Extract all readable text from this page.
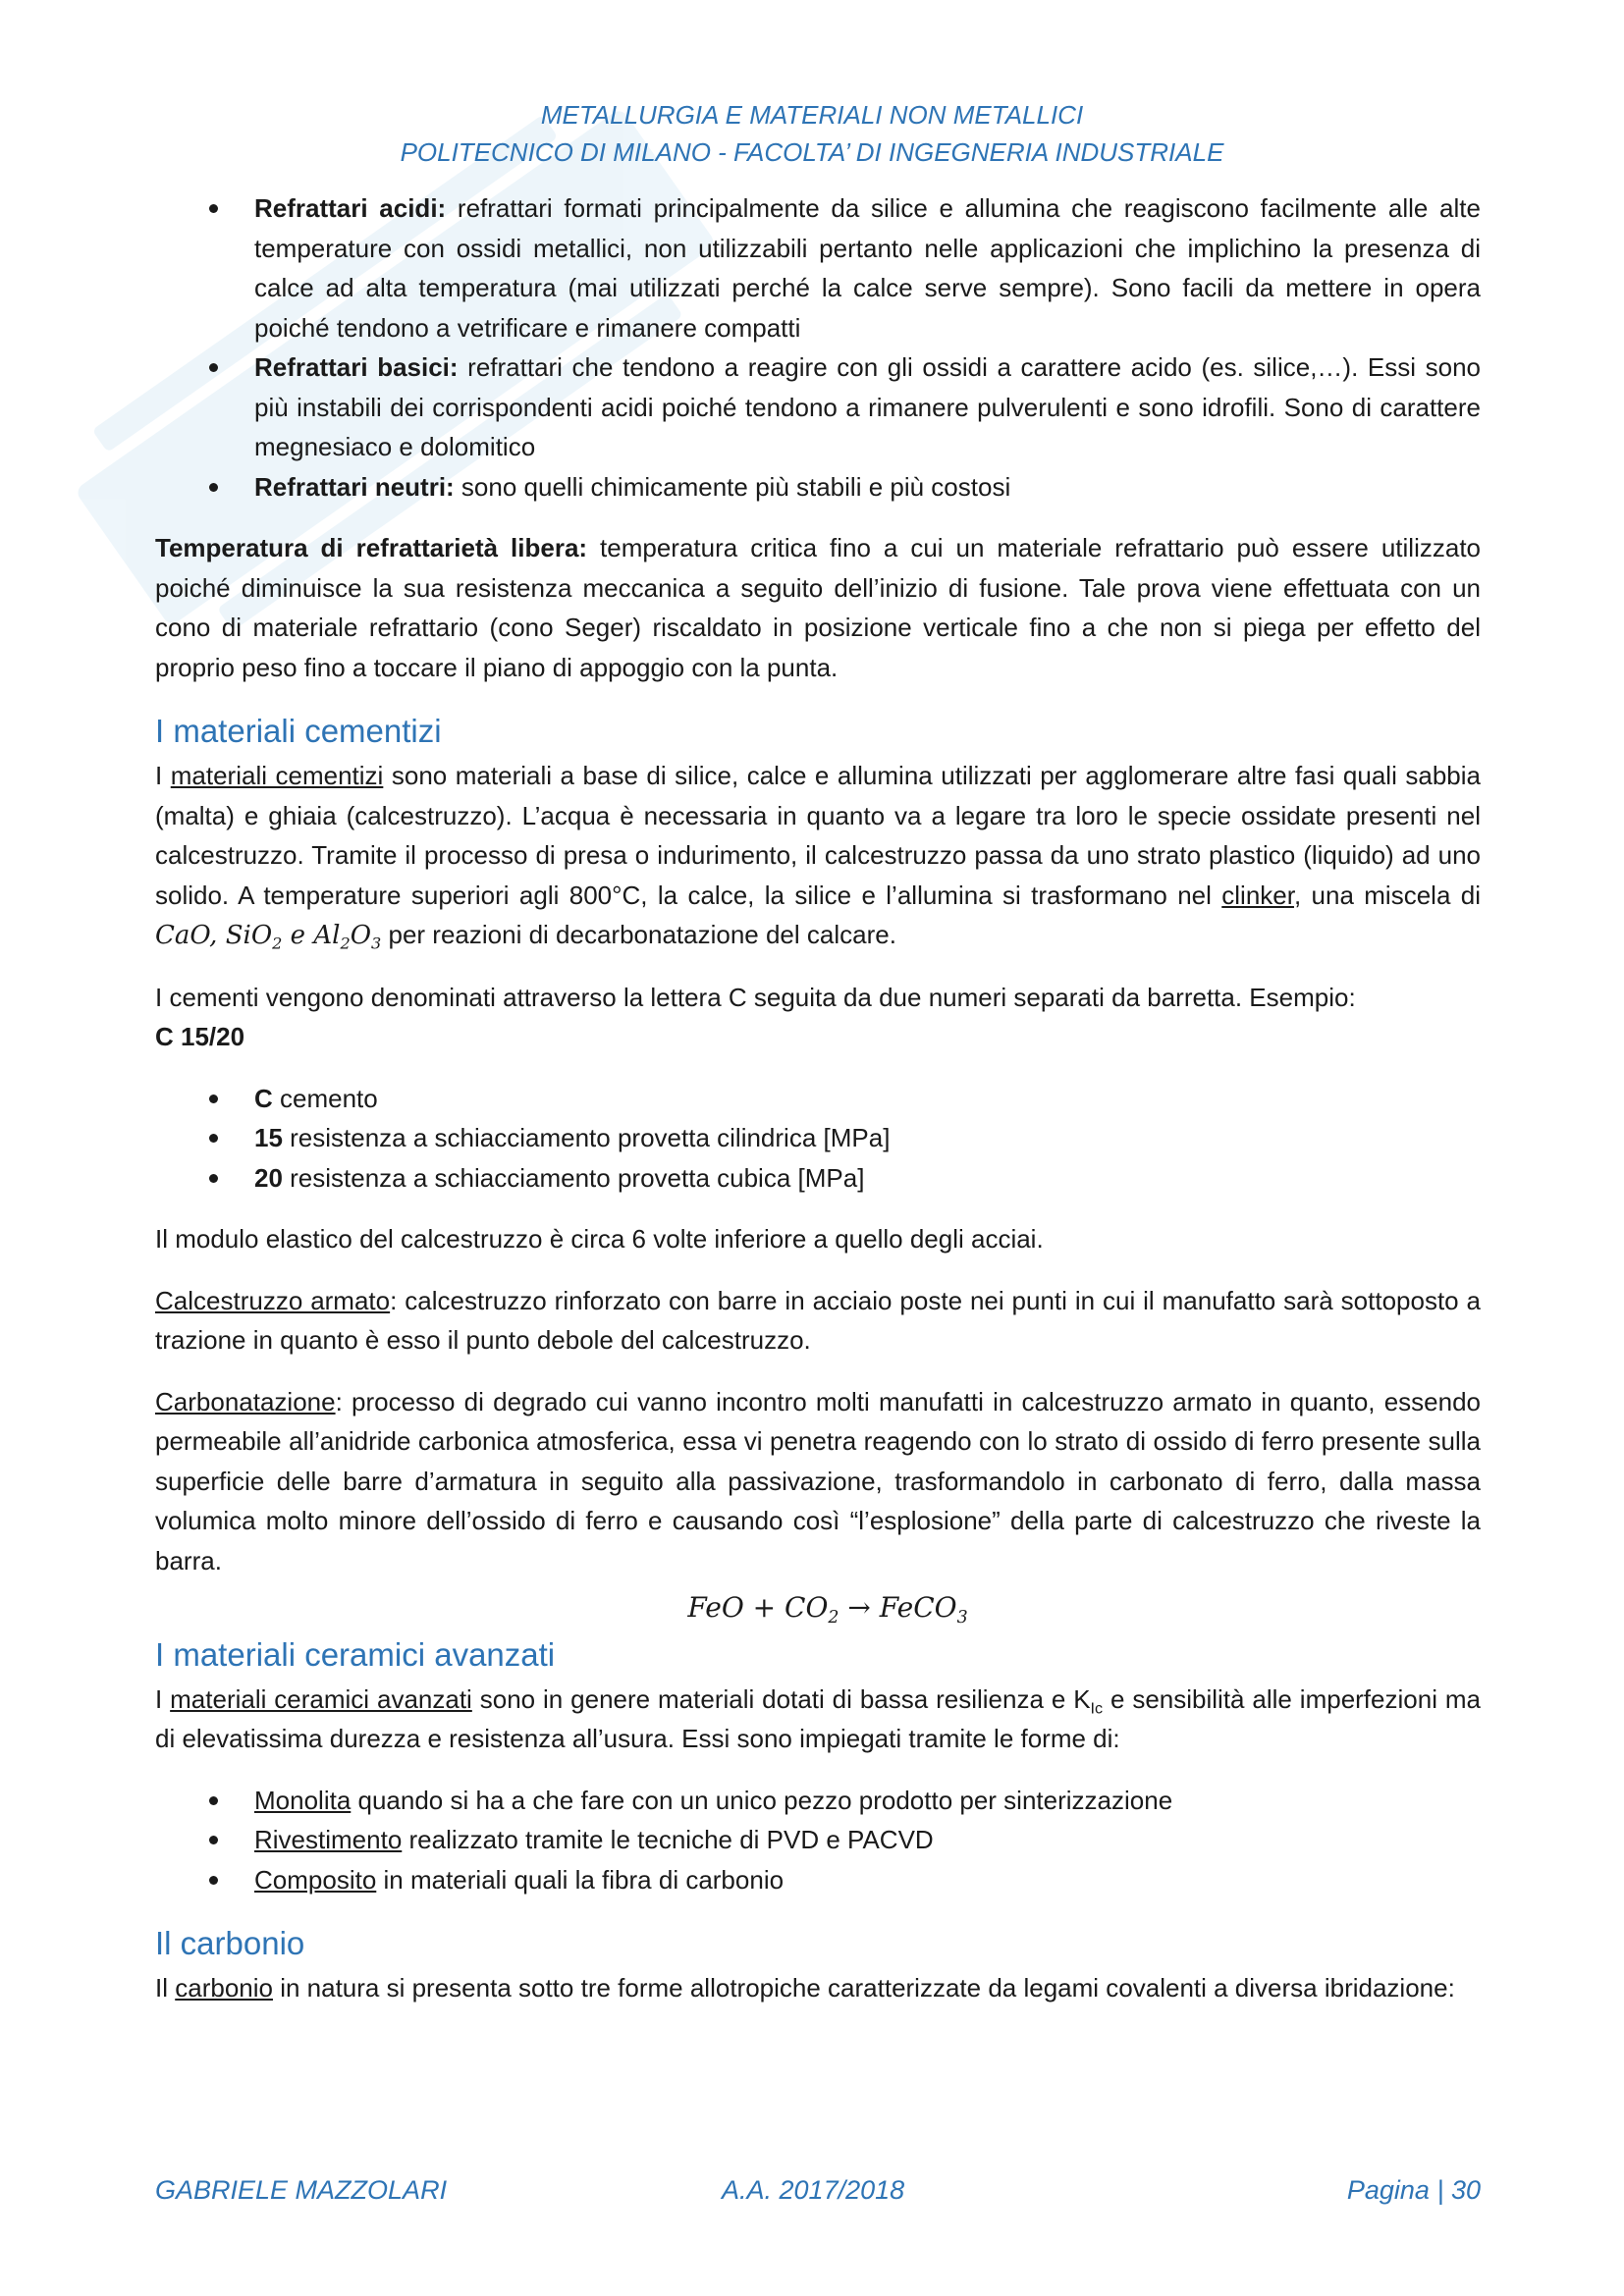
METALLURGIA E MATERIALI NON METALLICI
POLITECNICO DI MILANO - FACOLTA’ DI INGEGNERIA INDUSTRIALE
Refrattari acidi: refrattari formati principalmente da silice e allumina che reagiscono facilmente alle alte temperature con ossidi metallici, non utilizzabili pertanto nelle applicazioni che implichino la presenza di calce ad alta temperatura (mai utilizzati perché la calce serve sempre). Sono facili da mettere in opera poiché tendono a vetrificare e rimanere compatti
Refrattari basici: refrattari che tendono a reagire con gli ossidi a carattere acido (es. silice,…). Essi sono più instabili dei corrispondenti acidi poiché tendono a rimanere pulverulenti e sono idrofili. Sono di carattere megnesiaco e dolomitico
Refrattari neutri: sono quelli chimicamente più stabili e più costosi

Temperatura di refrattarietà libera: temperatura critica fino a cui un materiale refrattario può essere utilizzato poiché diminuisce la sua resistenza meccanica a seguito dell’inizio di fusione. Tale prova viene effettuata con un cono di materiale refrattario (cono Seger) riscaldato in posizione verticale fino a che non si piega per effetto del proprio peso fino a toccare il piano di appoggio con la punta.

I materiali cementizi

I materiali cementizi sono materiali a base di silice, calce e allumina utilizzati per agglomerare altre fasi quali sabbia (malta) e ghiaia (calcestruzzo). L’acqua è necessaria in quanto va a legare tra loro le specie ossidate presenti nel calcestruzzo. Tramite il processo di presa o indurimento, il calcestruzzo passa da uno strato plastico (liquido) ad uno solido. A temperature superiori agli 800°C, la calce, la silice e l’allumina si trasformano nel clinker, una miscela di CaO, SiO$_2$ e $Al_2O_3$ per reazioni di decarbonatazione del calcare.

I cementi vengono denominati attraverso la lettera C seguita da due numeri separati da barretta. Esempio:
C 15/20

C cemento
15 resistenza a schiacciamento provetta cilindrica [MPa]
20 resistenza a schiacciamento provetta cubica [MPa]

Il modulo elastico del calcestruzzo è circa 6 volte inferiore a quello degli acciai.

Calcestruzzo armato: calcestruzzo rinforzato con barre in acciaio poste nei punti in cui il manufatto sarà sottoposto a trazione in quanto è esso il punto debole del calcestruzzo.

Carbonatazione: processo di degrado cui vanno incontro molti manufatti in calcestruzzo armato in quanto, essendo permeabile all’anidride carbonica atmosferica, essa vi penetra reagendo con lo strato di ossido di ferro presente sulla superficie delle barre d’armatura in seguito alla passivazione, trasformandolo in carbonato di ferro, dalla massa volumica molto minore dell’ossido di ferro e causando così “l’esplosione” della parte di calcestruzzo che riveste la barra.

FeO + $CO_2$ → FeCO$_3$
I materiali ceramici avanzati

I materiali ceramici avanzati sono in genere materiali dotati di bassa resilienza e $K_{Ic}$ e sensibilità alle imperfezioni ma di elevatissima durezza e resistenza all’usura. Essi sono impiegati tramite le forme di:

Monolita quando si ha a che fare con un unico pezzo prodotto per sinterizzazione
Rivestimento realizzato tramite le tecniche di PVD e PACVD
Composito in materiali quali la fibra di carbonio
Il carbonio

Il carbonio in natura si presenta sotto tre forme allotropiche caratterizzate da legami covalenti a diversa ibridazione:

GABRIELE MAZZOLARI	A.A. 2017/2018	Pagina | 30
